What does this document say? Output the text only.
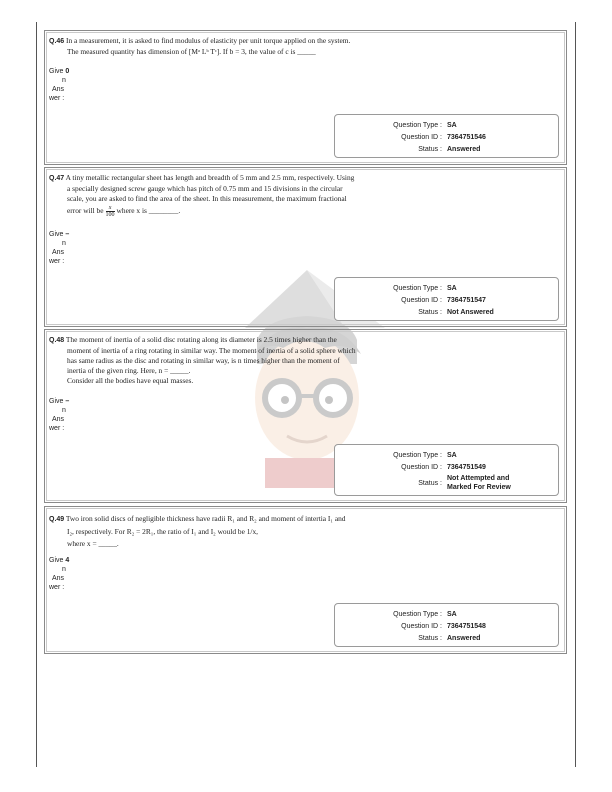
Q.46 In a measurement, it is asked to find modulus of elasticity per unit torque applied on the system.
The measured quantity has dimension of [Mᵃ Lᵇ Tᶜ]. If b = 3, the value of c is _____
Give 0
n
Ans
wer :
Question Type : SA
Question ID : 7364751546
Status : Answered
Q.47 A tiny metallic rectangular sheet has length and breadth of 5 mm and 2.5 mm, respectively. Using
a specially designed screw gauge which has pitch of 0.75 mm and 15 divisions in the circular
scale, you are asked to find the area of the sheet. In this measurement, the maximum fractional
error will be $\frac{x}{100}$ where x is ________.
Give –
n
Ans
wer :
Question Type : SA
Question ID : 7364751547
Status : Not Answered
Q.48 The moment of inertia of a solid disc rotating along its diameter is 2.5 times higher than the
moment of inertia of a ring rotating in similar way. The moment of inertia of a solid sphere which
has same radius as the disc and rotating in similar way, is n times higher than the moment of
inertia of the given ring. Here, n = _____.
Consider all the bodies have equal masses.
Give –
n
Ans
wer :
Question Type : SA
Question ID : 7364751549
Status :
Not Attempted and
Marked For Review
Q.49 Two iron solid discs of negligible thickness have radii R₁ and R₂ and moment of intertia I₁ and
I₂, respectively. For R₂ = 2R₁, the ratio of I₁ and I₂ would be 1/x,
where x = _____.
Give 4
n
Ans
wer :
Question Type : SA
Question ID : 7364751548
Status : Answered
